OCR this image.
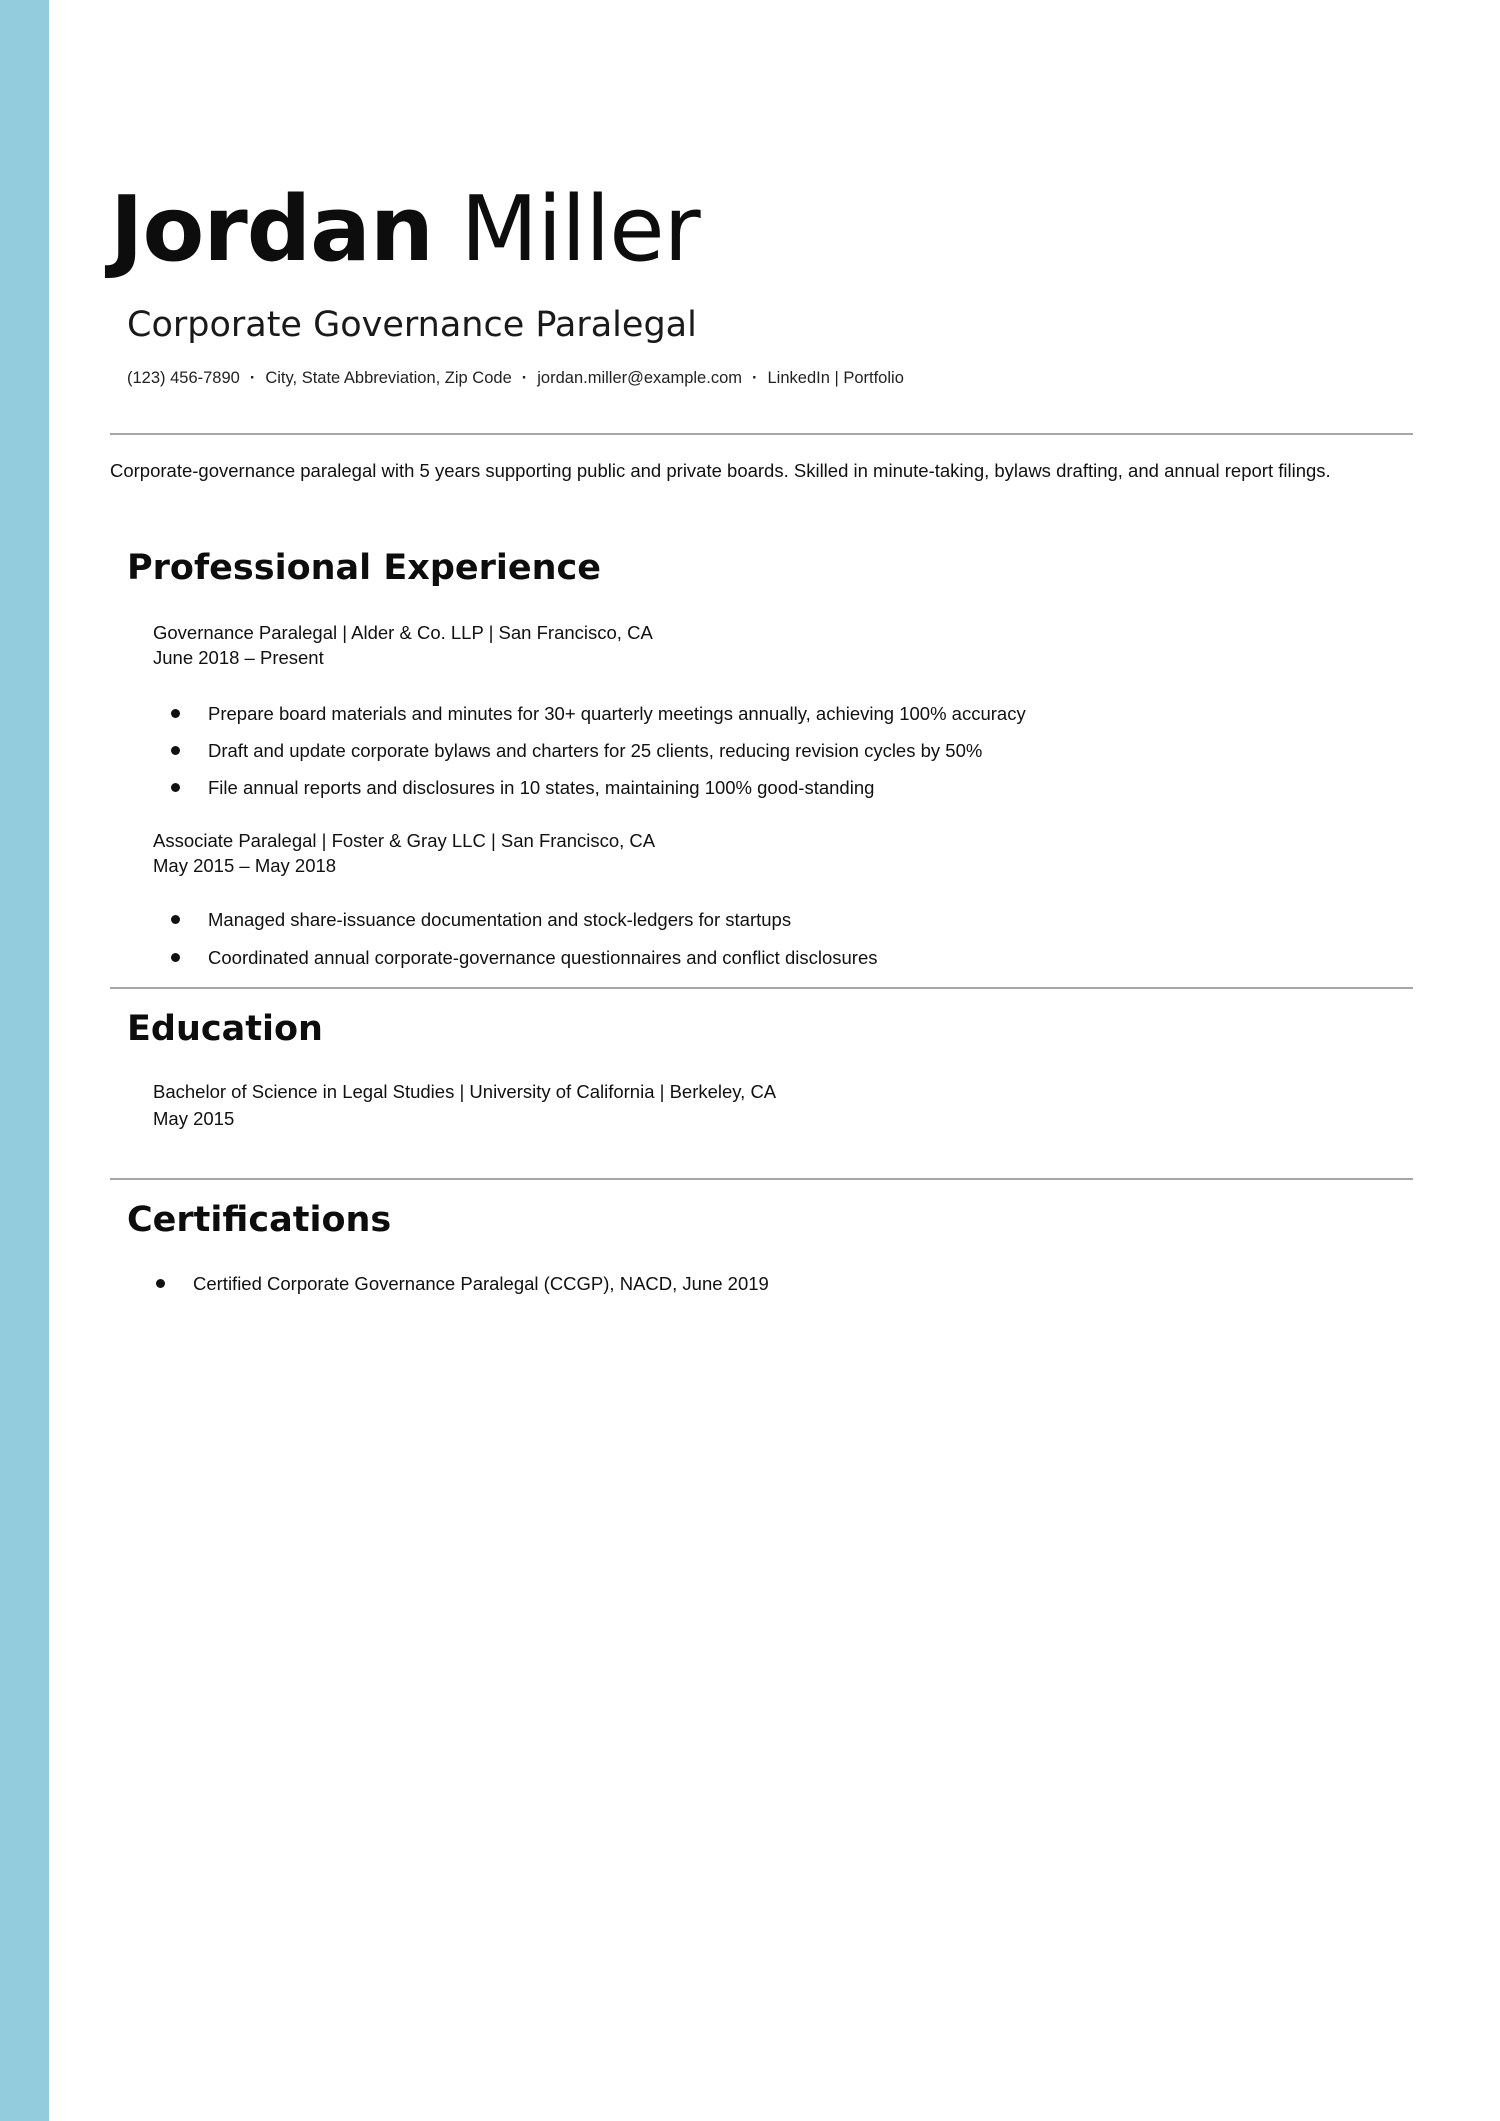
Jordan Miller
Corporate Governance Paralegal
(123) 456-7890 · City, State Abbreviation, Zip Code · jordan.miller@example.com · LinkedIn | Portfolio
Corporate-governance paralegal with 5 years supporting public and private boards. Skilled in minute-taking, bylaws drafting, and annual report filings.
Professional Experience
Governance Paralegal | Alder & Co. LLP | San Francisco, CA
June 2018 – Present
Prepare board materials and minutes for 30+ quarterly meetings annually, achieving 100% accuracy
Draft and update corporate bylaws and charters for 25 clients, reducing revision cycles by 50%
File annual reports and disclosures in 10 states, maintaining 100% good-standing
Associate Paralegal | Foster & Gray LLC | San Francisco, CA
May 2015 – May 2018
Managed share-issuance documentation and stock-ledgers for startups
Coordinated annual corporate-governance questionnaires and conflict disclosures
Education
Bachelor of Science in Legal Studies | University of California | Berkeley, CA
May 2015
Certifications
Certified Corporate Governance Paralegal (CCGP), NACD, June 2019
